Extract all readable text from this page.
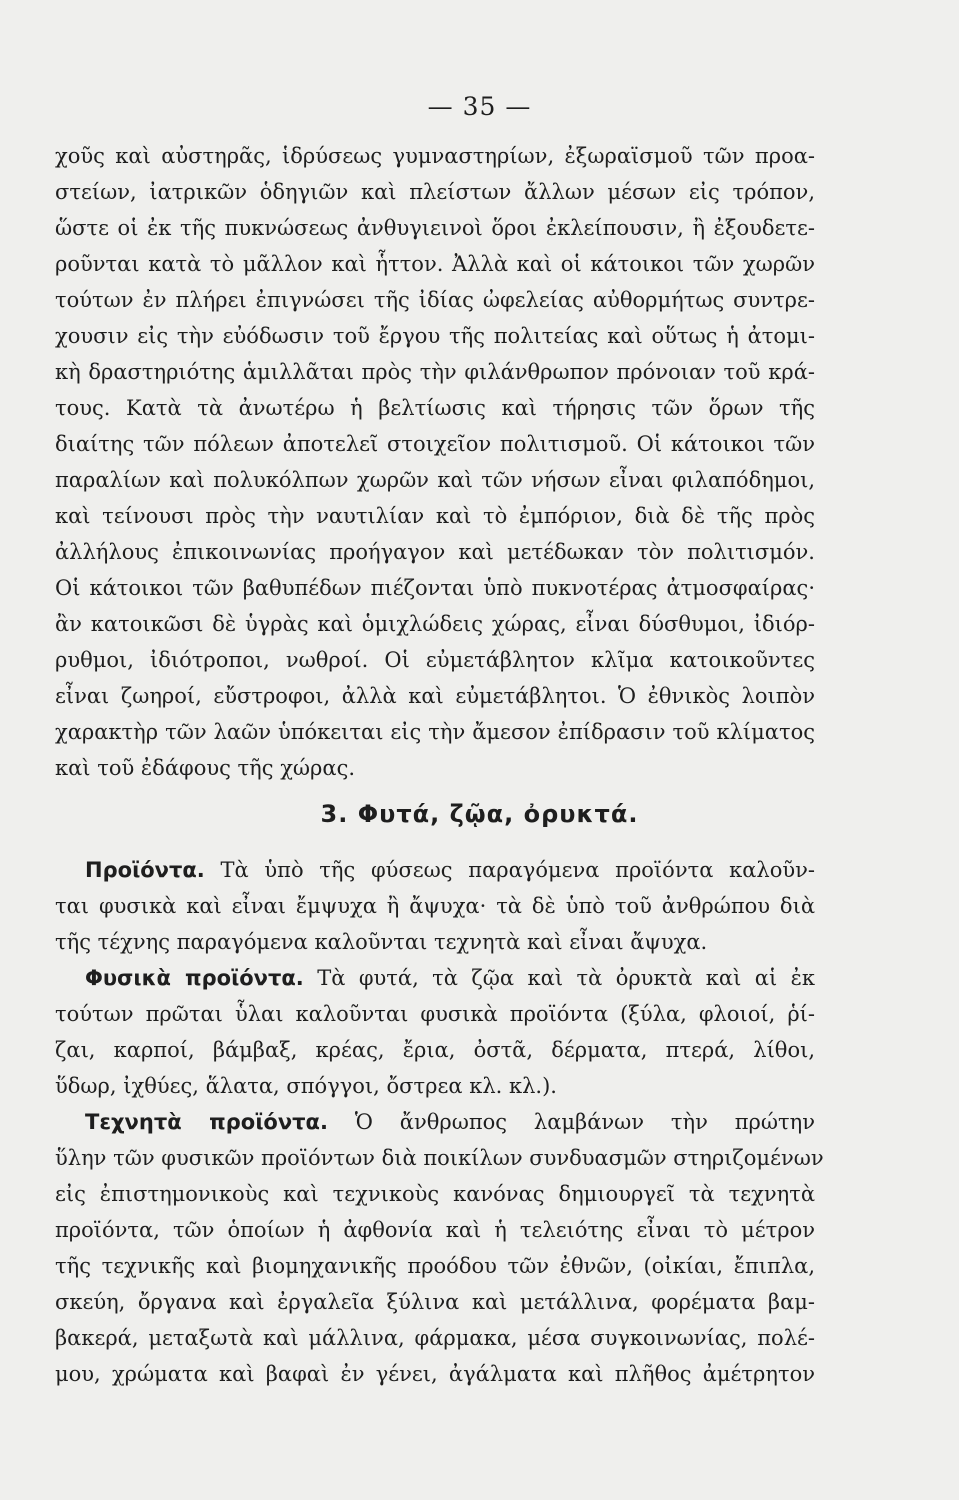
— 35 —
χοῦς καὶ αὐστηρᾶς, ἱδρύσεως γυμναστηρίων, ἐξωραϊσμοῦ τῶν προα-
στείων, ἰατρικῶν ὁδηγιῶν καὶ πλείστων ἄλλων μέσων εἰς τρόπον,
ὥστε οἱ ἐκ τῆς πυκνώσεως ἀνθυγιεινοὶ ὅροι ἐκλείπουσιν, ἢ ἐξουδετε-
ροῦνται κατὰ τὸ μᾶλλον καὶ ἧττον. Ἀλλὰ καὶ οἱ κάτοικοι τῶν χωρῶν
τούτων ἐν πλήρει ἐπιγνώσει τῆς ἰδίας ὠφελείας αὐθορμήτως συντρε-
χουσιν εἰς τὴν εὐόδωσιν τοῦ ἔργου τῆς πολιτείας καὶ οὕτως ἡ ἀτομι-
κὴ δραστηριότης ἁμιλλᾶται πρὸς τὴν φιλάνθρωπον πρόνοιαν τοῦ κρά-
τους. Κατὰ τὰ ἀνωτέρω ἡ βελτίωσις καὶ τήρησις τῶν ὅρων τῆς
διαίτης τῶν πόλεων ἀποτελεῖ στοιχεῖον πολιτισμοῦ. Οἱ κάτοικοι τῶν
παραλίων καὶ πολυκόλπων χωρῶν καὶ τῶν νήσων εἶναι φιλαπόδημοι,
καὶ τείνουσι πρὸς τὴν ναυτιλίαν καὶ τὸ ἐμπόριον, διὰ δὲ τῆς πρὸς
ἀλλήλους ἐπικοινωνίας προήγαγον καὶ μετέδωκαν τὸν πολιτισμόν.
Οἱ κάτοικοι τῶν βαθυπέδων πιέζονται ὑπὸ πυκνοτέρας ἀτμοσφαίρας·
ἂν κατοικῶσι δὲ ὑγρὰς καὶ ὁμιχλώδεις χώρας, εἶναι δύσθυμοι, ἰδιόρ-
ρυθμοι, ἰδιότροποι, νωθροί. Οἱ εὐμετάβλητον κλῖμα κατοικοῦντες
εἶναι ζωηροί, εὔστροφοι, ἀλλὰ καὶ εὐμετάβλητοι. Ὁ ἐθνικὸς λοιπὸν
χαρακτὴρ τῶν λαῶν ὑπόκειται εἰς τὴν ἄμεσον ἐπίδρασιν τοῦ κλίματος
καὶ τοῦ ἐδάφους τῆς χώρας.
3. Φυτά, ζῷα, ὀρυκτά.
Προϊόντα. Τὰ ὑπὸ τῆς φύσεως παραγόμενα προϊόντα καλοῦν-
ται φυσικὰ καὶ εἶναι ἔμψυχα ἢ ἄψυχα· τὰ δὲ ὑπὸ τοῦ ἀνθρώπου διὰ
τῆς τέχνης παραγόμενα καλοῦνται τεχνητὰ καὶ εἶναι ἄψυχα.
Φυσικὰ προϊόντα. Τὰ φυτά, τὰ ζῷα καὶ τὰ ὀρυκτὰ καὶ αἱ ἐκ
τούτων πρῶται ὗλαι καλοῦνται φυσικὰ προϊόντα (ξύλα, φλοιοί, ῥί-
ζαι, καρποί, βάμβαξ, κρέας, ἔρια, ὀστᾶ, δέρματα, πτερά, λίθοι,
ὕδωρ, ἰχθύες, ἅλατα, σπόγγοι, ὄστρεα κλ. κλ.).
Τεχνητὰ προϊόντα. Ὁ ἄνθρωπος λαμβάνων τὴν πρώτην
ὕλην τῶν φυσικῶν προϊόντων διὰ ποικίλων συνδυασμῶν στηριζομένων
εἰς ἐπιστημονικοὺς καὶ τεχνικοὺς κανόνας δημιουργεῖ τὰ τεχνητὰ
προϊόντα, τῶν ὁποίων ἡ ἀφθονία καὶ ἡ τελειότης εἶναι τὸ μέτρον
τῆς τεχνικῆς καὶ βιομηχανικῆς προόδου τῶν ἐθνῶν, (οἰκίαι, ἔπιπλα,
σκεύη, ὄργανα καὶ ἐργαλεῖα ξύλινα καὶ μετάλλινα, φορέματα βαμ-
βακερά, μεταξωτὰ καὶ μάλλινα, φάρμακα, μέσα συγκοινωνίας, πολέ-
μου, χρώματα καὶ βαφαὶ ἐν γένει, ἀγάλματα καὶ πλῆθος ἀμέτρητον
